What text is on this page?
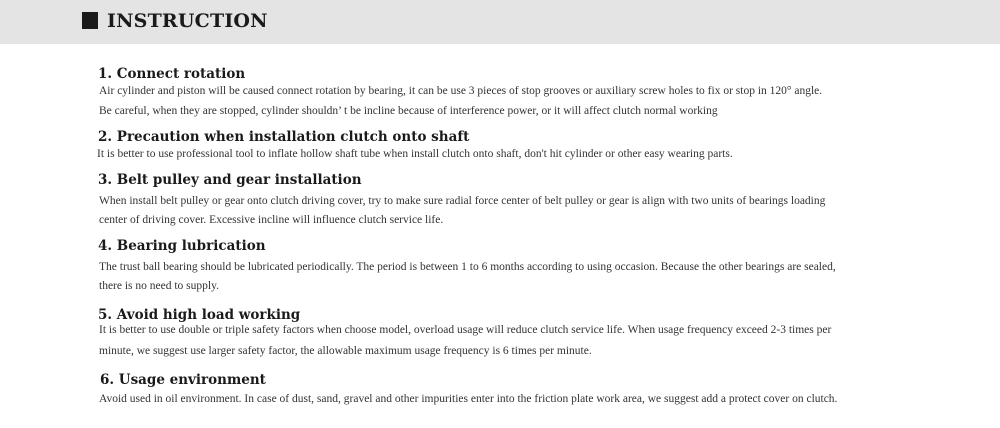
INSTRUCTION
1. Connect rotation
Air cylinder and piston will be caused connect rotation by bearing, it can be use 3 pieces of stop grooves or auxiliary screw holes to fix or stop in 120° angle.
Be careful, when they are stopped, cylinder shouldn’ t be incline because of interference power, or it will affect clutch normal working
2. Precaution when installation clutch onto shaft
It is better to use professional tool to inflate hollow shaft tube when install clutch onto shaft, don't hit cylinder or other easy wearing parts.
3. Belt pulley and gear installation
When install belt pulley or gear onto clutch driving cover, try to make sure radial force center of belt pulley or gear is align with two units of bearings loading
center of driving cover. Excessive incline will influence clutch service life.
4. Bearing lubrication
The trust ball bearing should be lubricated periodically. The period is between 1 to 6 months according to using occasion. Because the other bearings are sealed,
there is no need to supply.
5. Avoid high load working
It is better to use double or triple safety factors when choose model, overload usage will reduce clutch service life. When usage frequency exceed 2-3 times per
minute, we suggest use larger safety factor, the allowable maximum usage frequency is 6 times per minute.
6. Usage environment
Avoid used in oil environment. In case of dust, sand, gravel and other impurities enter into the friction plate work area, we suggest add a protect cover on clutch.
